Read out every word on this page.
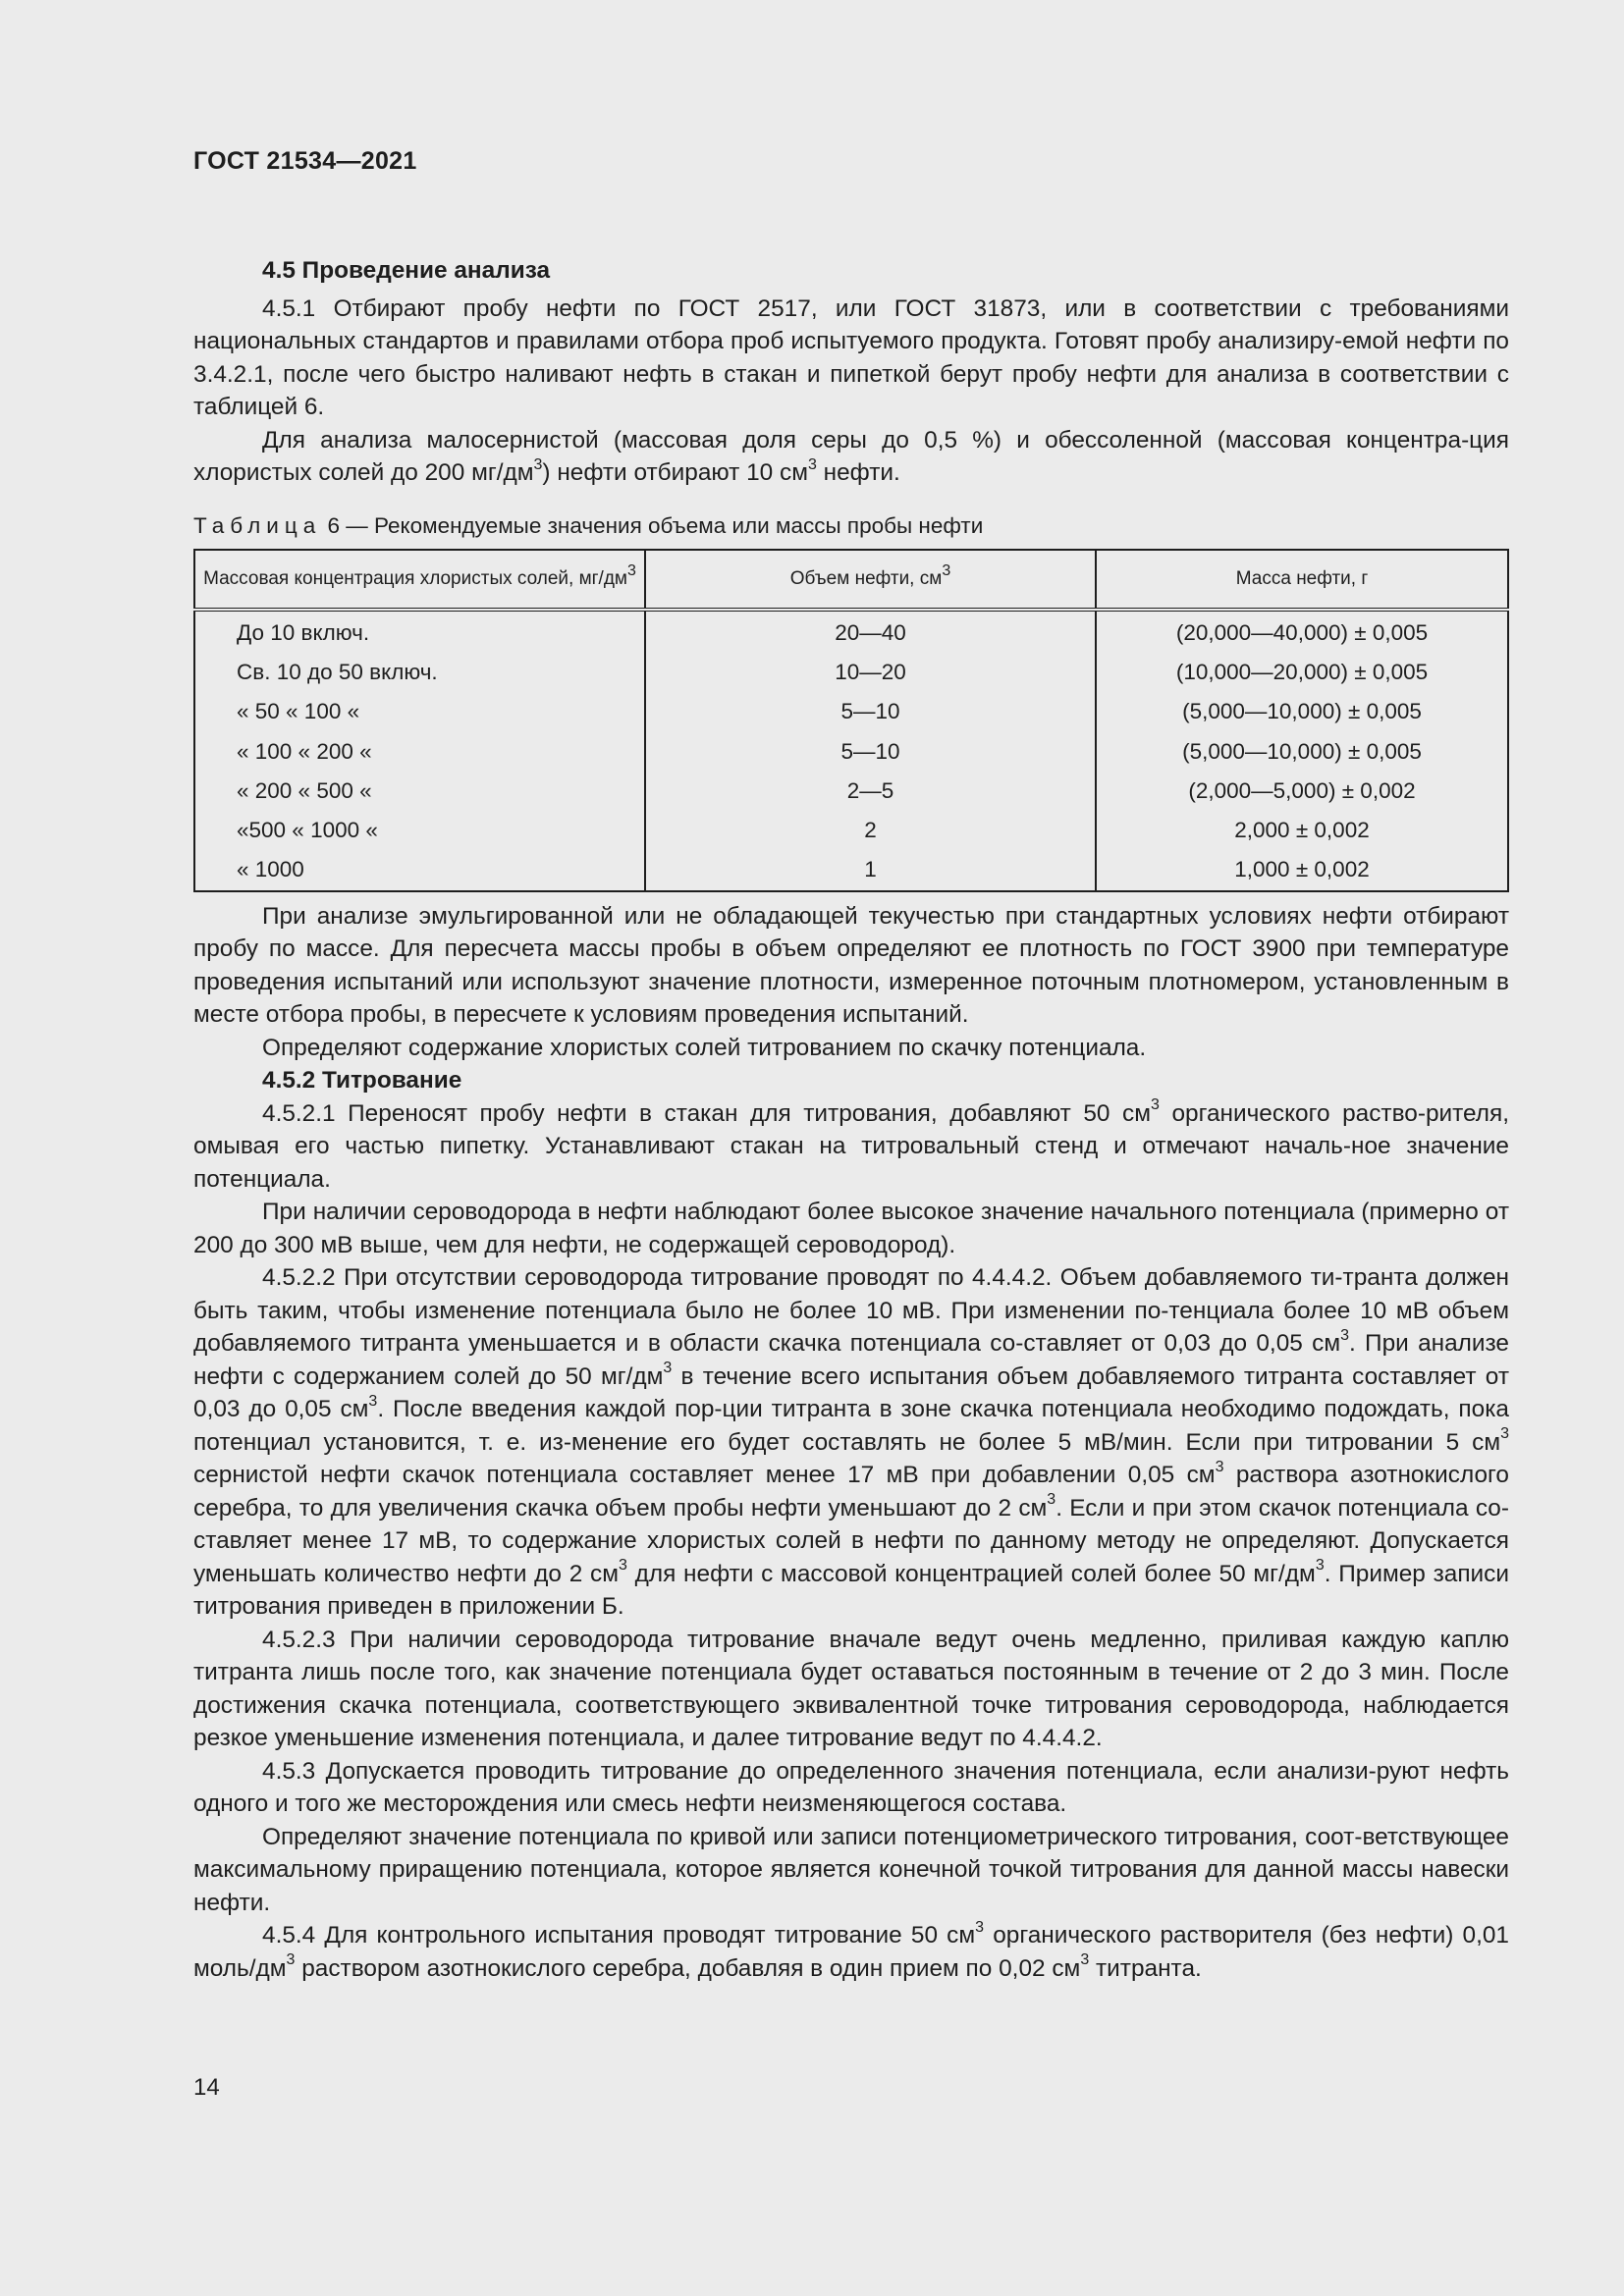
ГОСТ 21534—2021

4.5 Проведение анализа

4.5.1 Отбирают пробу нефти по ГОСТ 2517, или ГОСТ 31873, или в соответствии с требованиями национальных стандартов и правилами отбора проб испытуемого продукта. Готовят пробу анализиру-емой нефти по 3.4.2.1, после чего быстро наливают нефть в стакан и пипеткой берут пробу нефти для анализа в соответствии с таблицей 6.

Для анализа малосернистой (массовая доля серы до 0,5 %) и обессоленной (массовая концентра-ция хлористых солей до 200 $мг/дм^3$) нефти отбирают 10 $см^3$ нефти.

Таблица 6 — Рекомендуемые значения объема или массы пробы нефти

Массовая концентрация хлористых солей, $мг/дм^3$	Объем нефти, $см^3$	Масса нефти, г
До 10 включ.	20—40	(20,000—40,000) ± 0,005
Св. 10 до 50 включ.	10—20	(10,000—20,000) ± 0,005
« 50 « 100 «	5—10	(5,000—10,000) ± 0,005
« 100 « 200 «	5—10	(5,000—10,000) ± 0,005
« 200 « 500 «	2—5	(2,000—5,000) ± 0,002
«500 « 1000 «	2	2,000 ± 0,002
« 1000	1	1,000 ± 0,002

При анализе эмульгированной или не обладающей текучестью при стандартных условиях нефти отбирают пробу по массе. Для пересчета массы пробы в объем определяют ее плотность по ГОСТ 3900 при температуре проведения испытаний или используют значение плотности, измеренное поточным плотномером, установленным в месте отбора пробы, в пересчете к условиям проведения испытаний.

Определяют содержание хлористых солей титрованием по скачку потенциала.

4.5.2 Титрование

4.5.2.1 Переносят пробу нефти в стакан для титрования, добавляют 50 $см^3$ органического раство-рителя, омывая его частью пипетку. Устанавливают стакан на титровальный стенд и отмечают началь-ное значение потенциала.

При наличии сероводорода в нефти наблюдают более высокое значение начального потенциала (примерно от 200 до 300 мВ выше, чем для нефти, не содержащей сероводород).

4.5.2.2 При отсутствии сероводорода титрование проводят по 4.4.4.2. Объем добавляемого ти-транта должен быть таким, чтобы изменение потенциала было не более 10 мВ. При изменении по-тенциала более 10 мВ объем добавляемого титранта уменьшается и в области скачка потенциала со-ставляет от 0,03 до 0,05 $см^3$. При анализе нефти с содержанием солей до 50 $мг/дм^3$ в течение всего испытания объем добавляемого титранта составляет от 0,03 до 0,05 $см^3$. После введения каждой пор-ции титранта в зоне скачка потенциала необходимо подождать, пока потенциал установится, т. е. из-менение его будет составлять не более 5 мВ/мин. Если при титровании 5 $см^3$ сернистой нефти скачок потенциала составляет менее 17 мВ при добавлении 0,05 $см^3$ раствора азотнокислого серебра, то для увеличения скачка объем пробы нефти уменьшают до 2 $см^3$. Если и при этом скачок потенциала со-ставляет менее 17 мВ, то содержание хлористых солей в нефти по данному методу не определяют. Допускается уменьшать количество нефти до 2 $см^3$ для нефти с массовой концентрацией солей более 50 $мг/дм^3$. Пример записи титрования приведен в приложении Б.

4.5.2.3 При наличии сероводорода титрование вначале ведут очень медленно, приливая каждую каплю титранта лишь после того, как значение потенциала будет оставаться постоянным в течение от 2 до 3 мин. После достижения скачка потенциала, соответствующего эквивалентной точке титрования сероводорода, наблюдается резкое уменьшение изменения потенциала, и далее титрование ведут по 4.4.4.2.

4.5.3 Допускается проводить титрование до определенного значения потенциала, если анализи-руют нефть одного и того же месторождения или смесь нефти неизменяющегося состава.

Определяют значение потенциала по кривой или записи потенциометрического титрования, соот-ветствующее максимальному приращению потенциала, которое является конечной точкой титрования для данной массы навески нефти.

4.5.4 Для контрольного испытания проводят титрование 50 $см^3$ органического растворителя (без нефти) 0,01 моль/$дм^3$ раствором азотнокислого серебра, добавляя в один прием по 0,02 $см^3$ титранта.

14
